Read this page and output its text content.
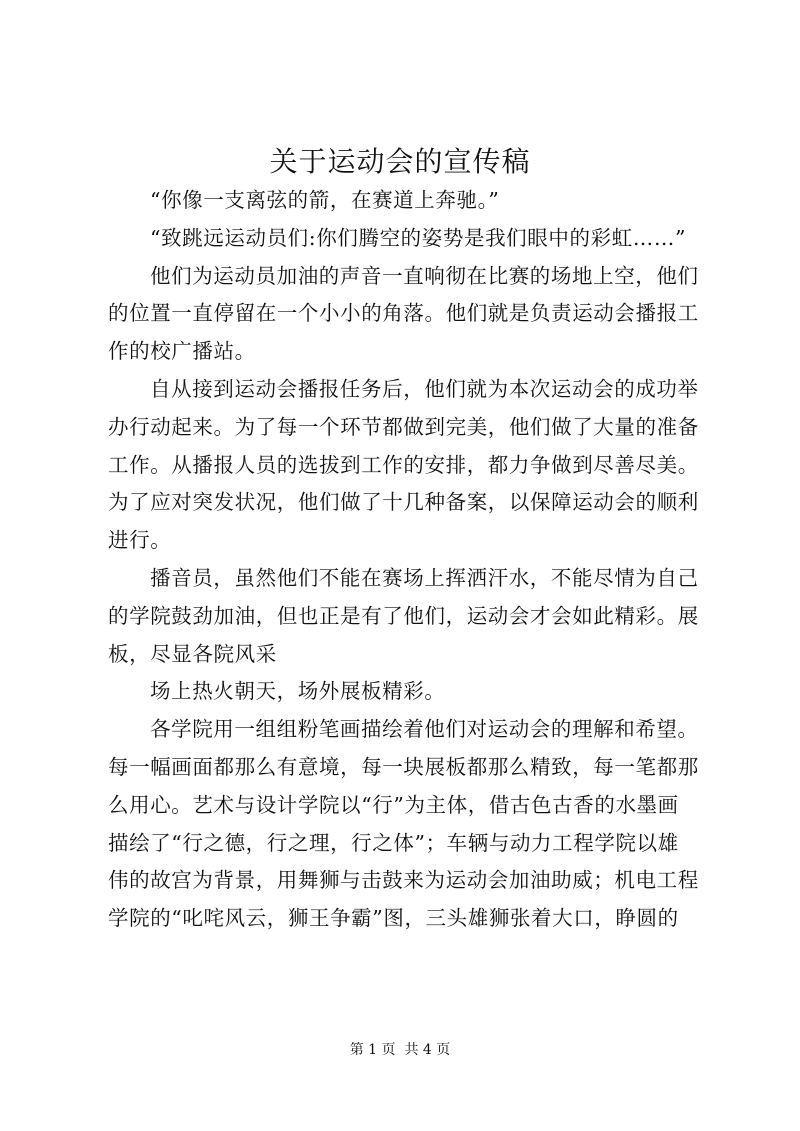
关于运动会的宣传稿

“你像一支离弦的箭，在赛道上奔驰。”

“致跳远运动员们:你们腾空的姿势是我们眼中的彩虹……”

他们为运动员加油的声音一直响彻在比赛的场地上空，他们
的位置一直停留在一个小小的角落。他们就是负责运动会播报工
作的校广播站。

自从接到运动会播报任务后，他们就为本次运动会的成功举
办行动起来。为了每一个环节都做到完美，他们做了大量的准备
工作。从播报人员的选拔到工作的安排，都力争做到尽善尽美。
为了应对突发状况，他们做了十几种备案，以保障运动会的顺利
进行。

播音员，虽然他们不能在赛场上挥洒汗水，不能尽情为自己
的学院鼓劲加油，但也正是有了他们，运动会才会如此精彩。展
板，尽显各院风采

场上热火朝天，场外展板精彩。

各学院用一组组粉笔画描绘着他们对运动会的理解和希望。
每一幅画面都那么有意境，每一块展板都那么精致，每一笔都那
么用心。艺术与设计学院以“行”为主体，借古色古香的水墨画
描绘了“行之德，行之理，行之体”；车辆与动力工程学院以雄
伟的故宫为背景，用舞狮与击鼓来为运动会加油助威；机电工程
学院的“叱咤风云，狮王争霸”图，三头雄狮张着大口，睁圆的

第 1 页  共 4 页
